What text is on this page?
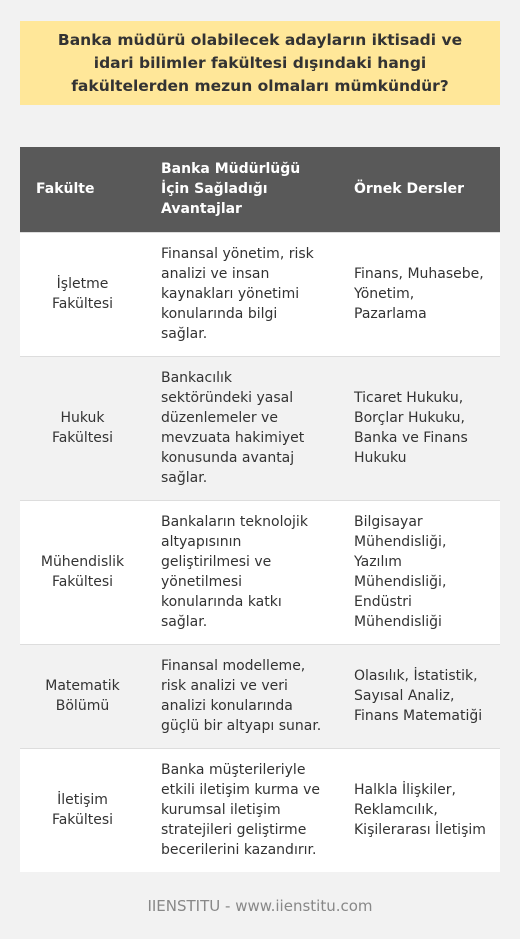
Banka müdürü olabilecek adayların iktisadi ve idari bilimler fakültesi dışındaki hangi fakültelerden mezun olmaları mümkündür?
Fakülte	Banka Müdürlüğü İçin Sağladığı Avantajlar	Örnek Dersler
İşletme Fakültesi	Finansal yönetim, risk analizi ve insan kaynakları yönetimi konularında bilgi sağlar.	Finans, Muhasebe, Yönetim, Pazarlama
Hukuk Fakültesi	Bankacılık sektöründeki yasal düzenlemeler ve mevzuata hakimiyet konusunda avantaj sağlar.	Ticaret Hukuku, Borçlar Hukuku, Banka ve Finans Hukuku
Mühendislik Fakültesi	Bankaların teknolojik altyapısının geliştirilmesi ve yönetilmesi konularında katkı sağlar.	Bilgisayar Mühendisliği, Yazılım Mühendisliği, Endüstri Mühendisliği
Matematik Bölümü	Finansal modelleme, risk analizi ve veri analizi konularında güçlü bir altyapı sunar.	Olasılık, İstatistik, Sayısal Analiz, Finans Matematiği
İletişim Fakültesi	Banka müşterileriyle etkili iletişim kurma ve kurumsal iletişim stratejileri geliştirme becerilerini kazandırır.	Halkla İlişkiler, Reklamcılık, Kişilerarası İletişim
IIENSTITU - www.iienstitu.com
